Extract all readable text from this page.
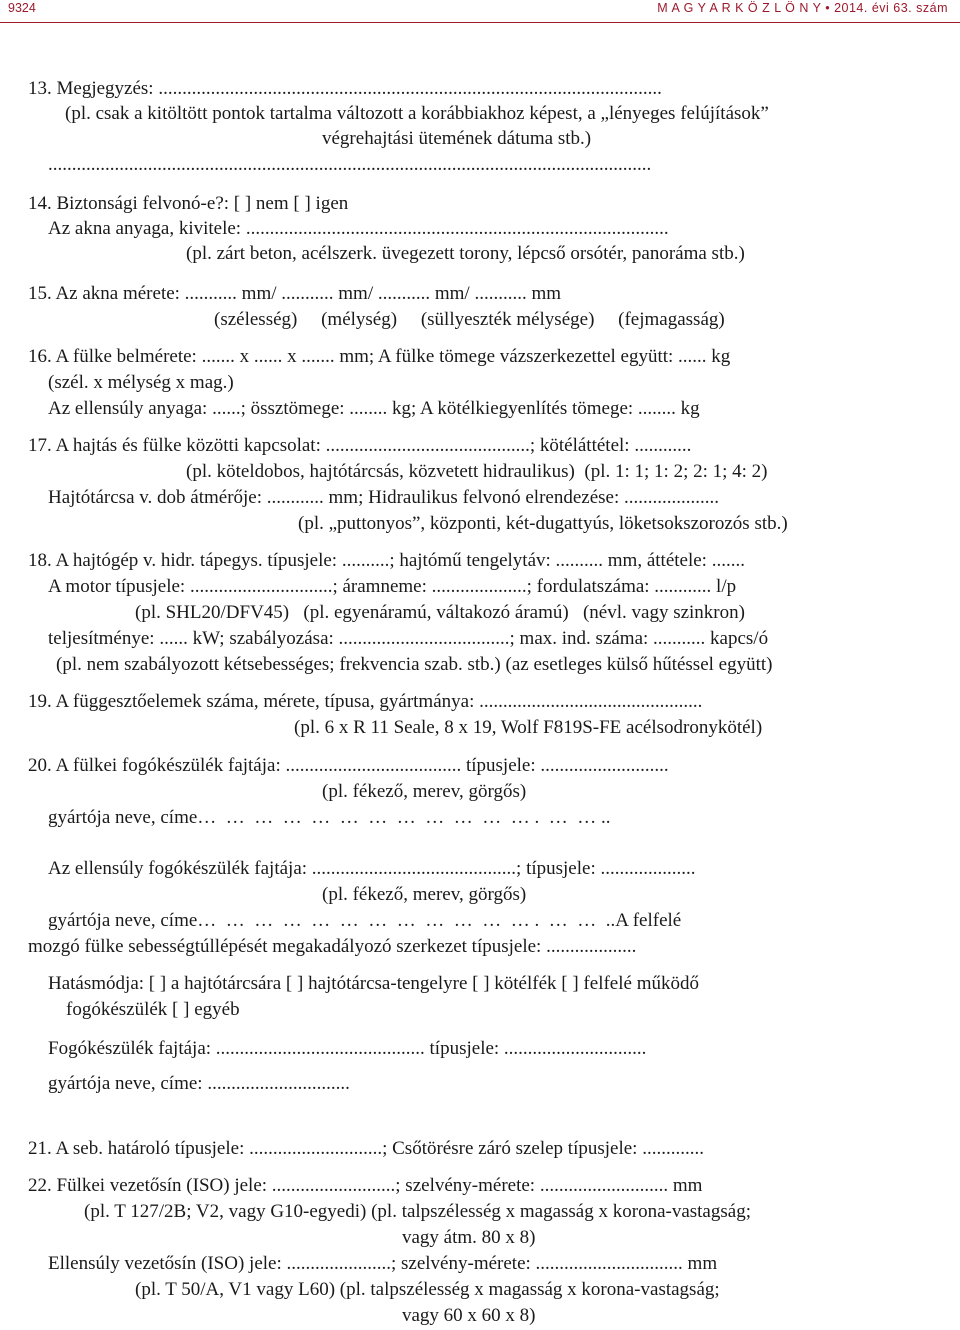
9324	M A G Y A R K Ö Z L Ö N Y • 2014. évi 63. szám
13. Megjegyzés: ..........................................................................................................
(pl. csak a kitöltött pontok tartalma változott a korábbiakhoz képest, a „lényeges felújítások”
végrehajtási ütemének dátuma stb.)
...............................................................................................................................
14. Biztonsági felvonó-e?: [ ] nem [ ] igen
Az akna anyaga, kivitele: .........................................................................................
(pl. zárt beton, acélszerk. üvegezett torony, lépcső orsótér, panoráma stb.)
15. Az akna mérete: ........... mm/ ........... mm/ ........... mm/ ........... mm
(szélesség)     (mélység)     (süllyeszték mélysége)     (fejmagasság)
16. A fülke belmérete: ....... x ...... x ....... mm; A fülke tömege vázszerkezettel együtt: ...... kg
(szél. x mélység x mag.)
Az ellensúly anyaga: ......; össztömege: ........ kg; A kötélkiegyenlítés tömege: ........ kg
17. A hajtás és fülke közötti kapcsolat: ...........................................; kötéláttétel: ............
(pl. köteldobos, hajtótárcsás, közvetett hidraulikus)  (pl. 1: 1; 1: 2; 2: 1; 4: 2)
Hajtótárcsa v. dob átmérője: ............ mm; Hidraulikus felvonó elrendezése: ....................
(pl. „puttonyos”, központi, két-dugattyús, löketsokszorozós stb.)
18. A hajtógép v. hidr. tápegys. típusjele: ..........; hajtómű tengelytáv: .......... mm, áttétele: .......
A motor típusjele: ..............................; áramneme: ....................; fordulatszáma: ............ l/p
(pl. SHL20/DFV45)   (pl. egyenáramú, váltakozó áramú)   (névl. vagy szinkron)
teljesítménye: ...... kW; szabályozása: ....................................; max. ind. száma: ........... kapcs/ó
(pl. nem szabályozott kétsebességes; frekvencia szab. stb.) (az esetleges külső hűtéssel együtt)
19. A függesztőelemek száma, mérete, típusa, gyártmánya: ...............................................
(pl. 6 x R 11 Seale, 8 x 19, Wolf F819S-FE acélsodronykötél)
20. A fülkei fogókészülék fajtája: ..................................... típusjele: ...........................
(pl. fékező, merev, görgős)
gyártója neve, címe…  …  …  …  …  …  …  …  …  …  …  … .  …  … ..
Az ellensúly fogókészülék fajtája: ...........................................; típusjele: ....................
(pl. fékező, merev, görgős)
gyártója neve, címe…  …  …  …  …  …  …  …  …  …  …  … .  …  …  ..A felfelé
mozgó fülke sebességtúllépését megakadályozó szerkezet típusjele: ...................
Hatásmódja: [ ] a hajtótárcsára [ ] hajtótárcsa-tengelyre [ ] kötélfék [ ] felfelé működő
fogókészülék [ ] egyéb
Fogókészülék fajtája: ............................................ típusjele: ..............................
gyártója neve, címe: ..............................
21. A seb. határoló típusjele: ............................; Csőtörésre záró szelep típusjele: .............
22. Fülkei vezetősín (ISO) jele: ..........................; szelvény-mérete: ........................... mm
(pl. T 127/2B; V2, vagy G10-egyedi) (pl. talpszélesség x magasság x korona-vastagság;
vagy átm. 80 x 8)
Ellensúly vezetősín (ISO) jele: ......................; szelvény-mérete: ............................... mm
(pl. T 50/A, V1 vagy L60) (pl. talpszélesség x magasság x korona-vastagság;
vagy 60 x 60 x 8)
